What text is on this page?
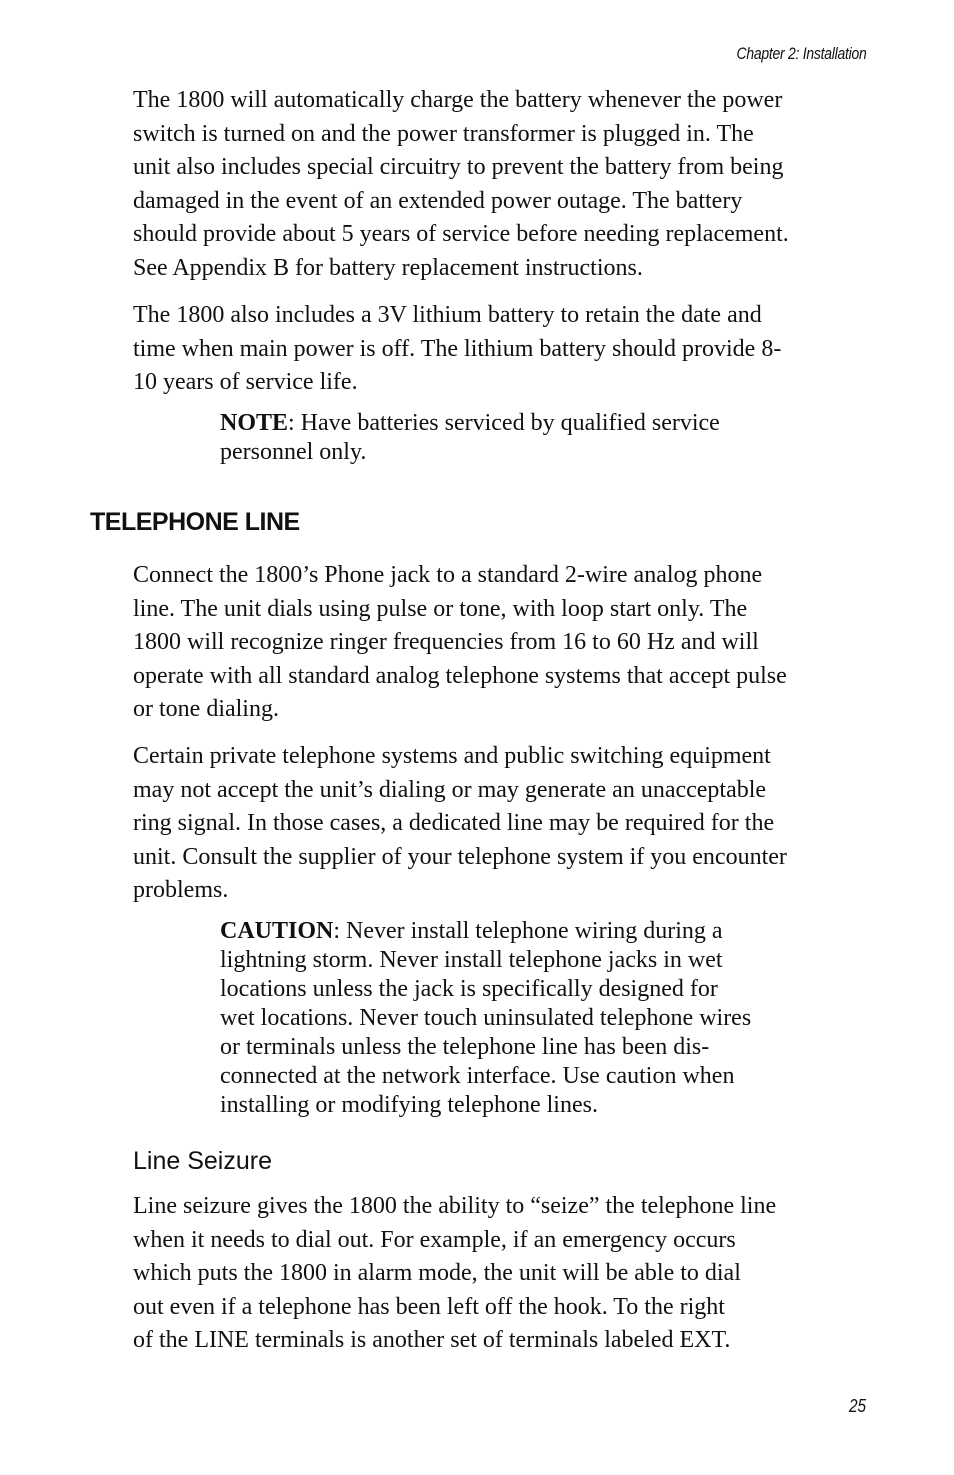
Chapter 2: Installation
The 1800 will automatically charge the battery whenever the power
switch is turned on and the power transformer is plugged in. The
unit also includes special circuitry to prevent the battery from being
damaged in the event of an extended power outage. The battery
should provide about 5 years of service before needing replacement.
See Appendix B for battery replacement instructions.
The 1800 also includes a 3V lithium battery to retain the date and
time when main power is off. The lithium battery should provide 8-
10 years of service life.
NOTE: Have batteries serviced by qualified service
personnel only.
TELEPHONE LINE
Connect the 1800’s Phone jack to a standard 2-wire analog phone
line. The unit dials using pulse or tone, with loop start only. The
1800 will recognize ringer frequencies from 16 to 60 Hz and will
operate with all standard analog telephone systems that accept pulse
or tone dialing.
Certain private telephone systems and public switching equipment
may not accept the unit’s dialing or may generate an unacceptable
ring signal. In those cases, a dedicated line may be required for the
unit. Consult the supplier of your telephone system if you encounter
problems.
CAUTION: Never install telephone wiring during a
lightning storm. Never install telephone jacks in wet
locations unless the jack is specifically designed for
wet locations. Never touch uninsulated telephone wires
or terminals unless the telephone line has been dis-
connected at the network interface. Use caution when
installing or modifying telephone lines.
Line Seizure
Line seizure gives the 1800 the ability to “seize” the telephone line
when it needs to dial out. For example, if an emergency occurs
which puts the 1800 in alarm mode, the unit will be able to dial
out even if a telephone has been left off the hook. To the right
of the LINE terminals is another set of terminals labeled EXT.
25
